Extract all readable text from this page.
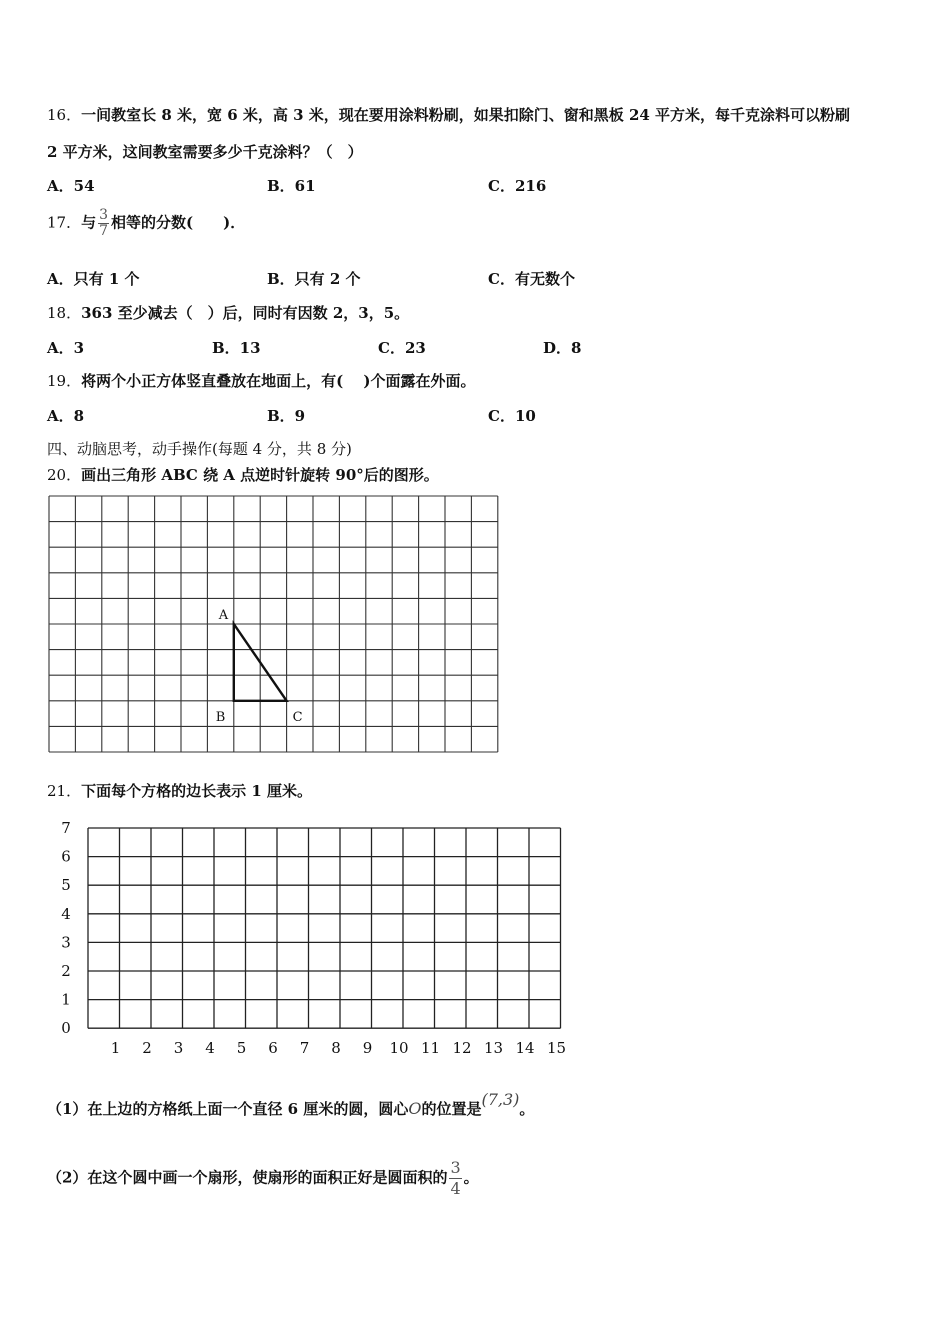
16．一间教室长 8 米，宽 6 米，高 3 米，现在要用涂料粉刷，如果扣除门、窗和黑板 24 平方米，每千克涂料可以粉刷
2 平方米，这间教室需要多少千克涂料？（　）
A．54	B．61	C．216
17．与 $\frac{3}{7}$ 相等的分数(　　)．
A．只有 1 个	B．只有 2 个	C．有无数个
18．363 至少减去（　）后，同时有因数 2，3，5。
A．3	B．13	C．23	D．8
19．将两个小正方体竖直叠放在地面上，有(　 )个面露在外面。
A．8	B．9	C．10
四、动脑思考，动手操作(每题 4 分，共 8 分)
20．画出三角形 ABC 绕 A 点逆时针旋转 90°后的图形。
A
B	C
21．下面每个方格的边长表示 1 厘米。
0
1
2
3
4
5
6
7
1 2 3 4 5 6 7 8 9 10 11 12 13 14 15
（1）在上边的方格纸上面一个直径 6 厘米的圆，圆心O的位置是(7,3)。
（2）在这个圆中画一个扇形，使扇形的面积正好是圆面积的 $\frac{3}{4}$ 。
